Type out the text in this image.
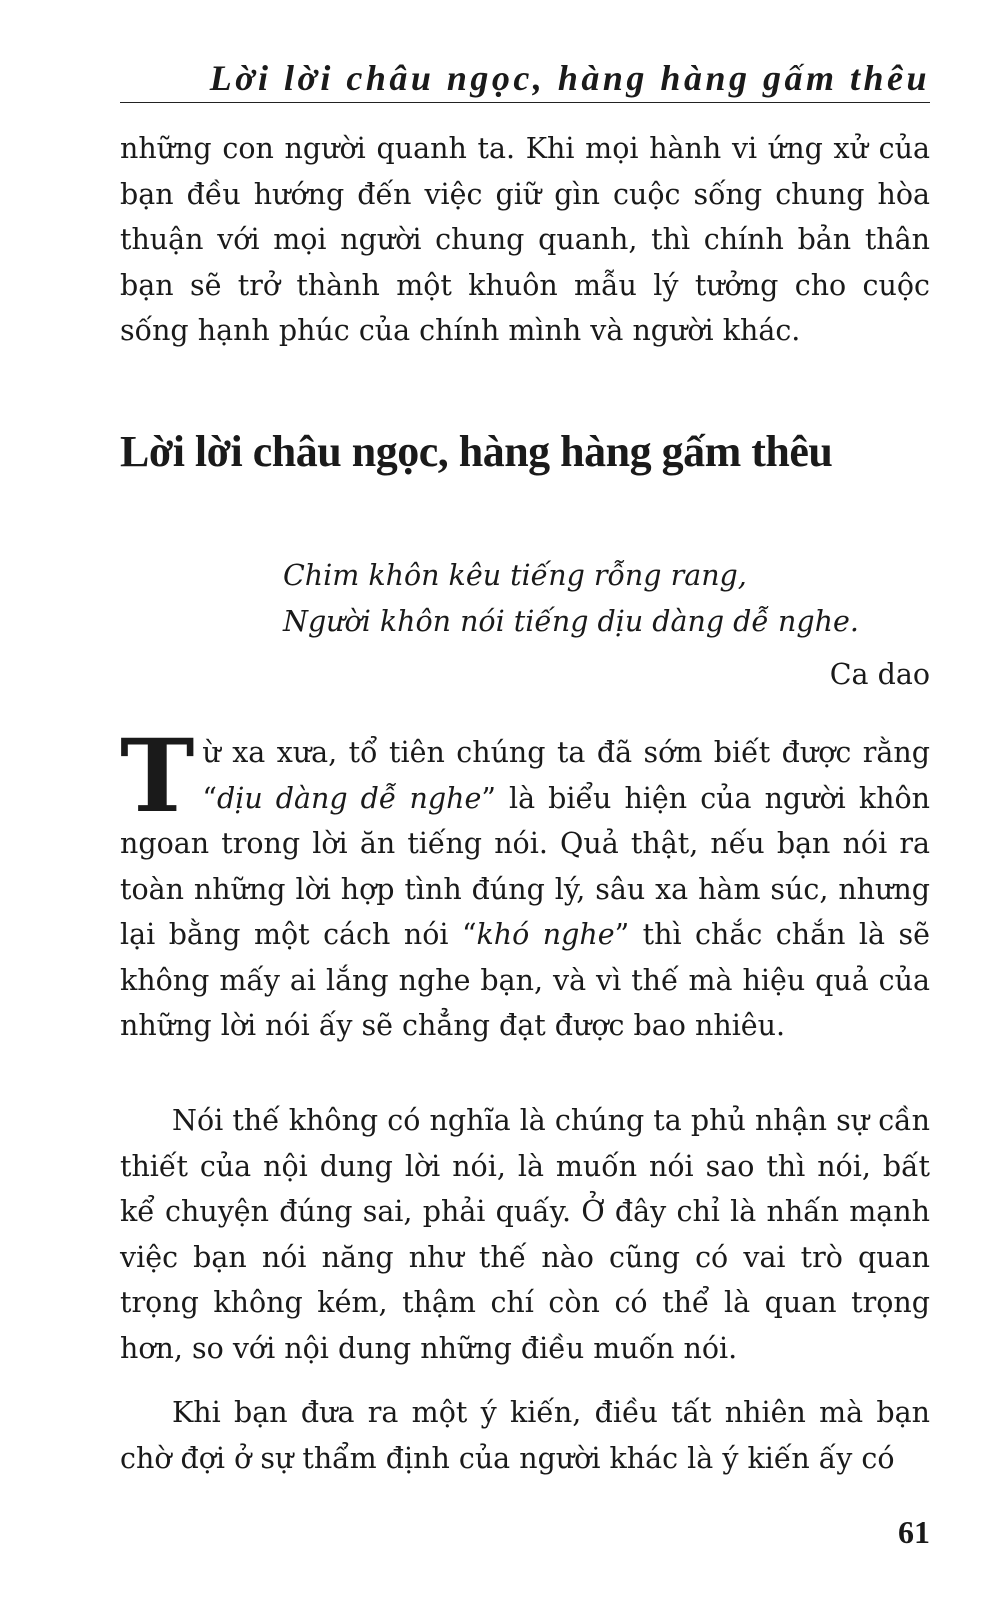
Lời lời châu ngọc, hàng hàng gấm thêu

những con người quanh ta. Khi mọi hành vi ứng xử của bạn đều hướng đến việc giữ gìn cuộc sống chung hòa thuận với mọi người chung quanh, thì chính bản thân bạn sẽ trở thành một khuôn mẫu lý tưởng cho cuộc sống hạnh phúc của chính mình và người khác.

Lời lời châu ngọc, hàng hàng gấm thêu
Chim khôn kêu tiếng rỗng rang,
Người khôn nói tiếng dịu dàng dễ nghe.
Ca dao

Từ xa xưa, tổ tiên chúng ta đã sớm biết được rằng “dịu dàng dễ nghe” là biểu hiện của người khôn ngoan trong lời ăn tiếng nói. Quả thật, nếu bạn nói ra toàn những lời hợp tình đúng lý, sâu xa hàm súc, nhưng lại bằng một cách nói “khó nghe” thì chắc chắn là sẽ không mấy ai lắng nghe bạn, và vì thế mà hiệu quả của những lời nói ấy sẽ chẳng đạt được bao nhiêu.

Nói thế không có nghĩa là chúng ta phủ nhận sự cần thiết của nội dung lời nói, là muốn nói sao thì nói, bất kể chuyện đúng sai, phải quấy. Ở đây chỉ là nhấn mạnh việc bạn nói năng như thế nào cũng có vai trò quan trọng không kém, thậm chí còn có thể là quan trọng hơn, so với nội dung những điều muốn nói.

Khi bạn đưa ra một ý kiến, điều tất nhiên mà bạn chờ đợi ở sự thẩm định của người khác là ý kiến ấy có

61
